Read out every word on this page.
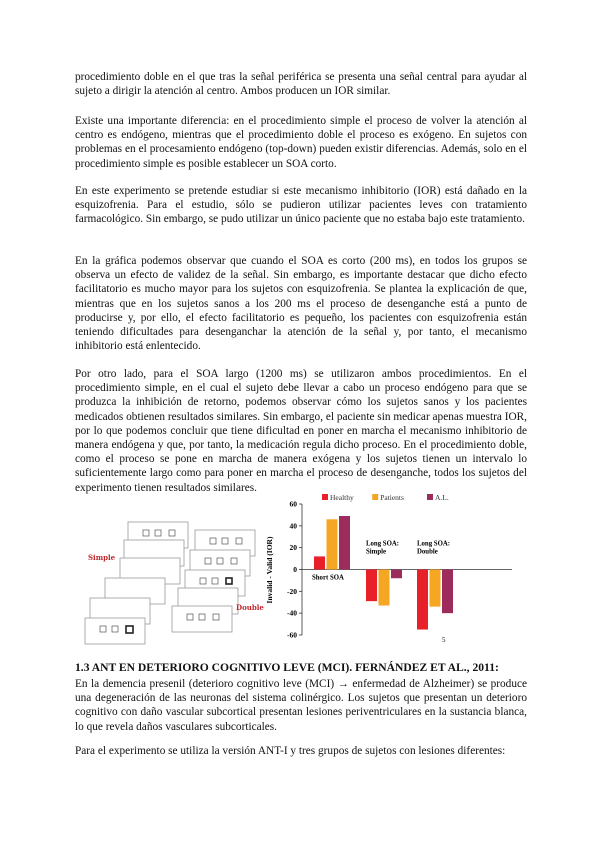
procedimiento doble en el que tras la señal periférica se presenta una señal central para ayudar al sujeto a dirigir la atención al centro. Ambos producen un IOR similar.

Existe una importante diferencia: en el procedimiento simple el proceso de volver la atención al centro es endógeno, mientras que el procedimiento doble el proceso es exógeno. En sujetos con problemas en el procesamiento endógeno (top-down) pueden existir diferencias. Además, solo en el procedimiento simple es posible establecer un SOA corto.

En este experimento se pretende estudiar si este mecanismo inhibitorio (IOR) está dañado en la esquizofrenia. Para el estudio, sólo se pudieron utilizar pacientes leves con tratamiento farmacológico. Sin embargo, se pudo utilizar un único paciente que no estaba bajo este tratamiento.

En la gráfica podemos observar que cuando el SOA es corto (200 ms), en todos los grupos se observa un efecto de validez de la señal. Sin embargo, es importante destacar que dicho efecto facilitatorio es mucho mayor para los sujetos con esquizofrenia. Se plantea la explicación de que, mientras que en los sujetos sanos a los 200 ms el proceso de desenganche está a punto de producirse y, por ello, el efecto facilitatorio es pequeño, los pacientes con esquizofrenia están teniendo dificultades para desenganchar la atención de la señal y, por tanto, el mecanismo inhibitorio está enlentecido.

Por otro lado, para el SOA largo (1200 ms) se utilizaron ambos procedimientos. En el procedimiento simple, en el cual el sujeto debe llevar a cabo un proceso endógeno para que se produzca la inhibición de retorno, podemos observar cómo los sujetos sanos y los pacientes medicados obtienen resultados similares. Sin embargo, el paciente sin medicar apenas muestra IOR, por lo que podemos concluir que tiene dificultad en poner en marcha el mecanismo inhibitorio de manera endógena y que, por tanto, la medicación regula dicho proceso. En el procedimiento doble, como el proceso se pone en marcha de manera exógena y los sujetos tienen un intervalo lo suficientemente largo como para poner en marcha el proceso de desenganche, todos los sujetos del experimento tienen resultados similares.

Simple
Double
Healthy	Patients	A.L.
60
40
20
0
-20
-40
-60
Short SOA
Long SOA:
Simple
Long SOA:
Double
Invalid - Valid (IOR)
5
1.3 ANT EN DETERIORO COGNITIVO LEVE (MCI). FERNÁNDEZ ET AL., 2011:

En la demencia presenil (deterioro cognitivo leve (MCI) → enfermedad de Alzheimer) se produce una degeneración de las neuronas del sistema colinérgico. Los sujetos que presentan un deterioro cognitivo con daño vascular subcortical presentan lesiones periventriculares en la sustancia blanca, lo que revela daños vasculares subcorticales.

Para el experimento se utiliza la versión ANT-I y tres grupos de sujetos con lesiones diferentes:
